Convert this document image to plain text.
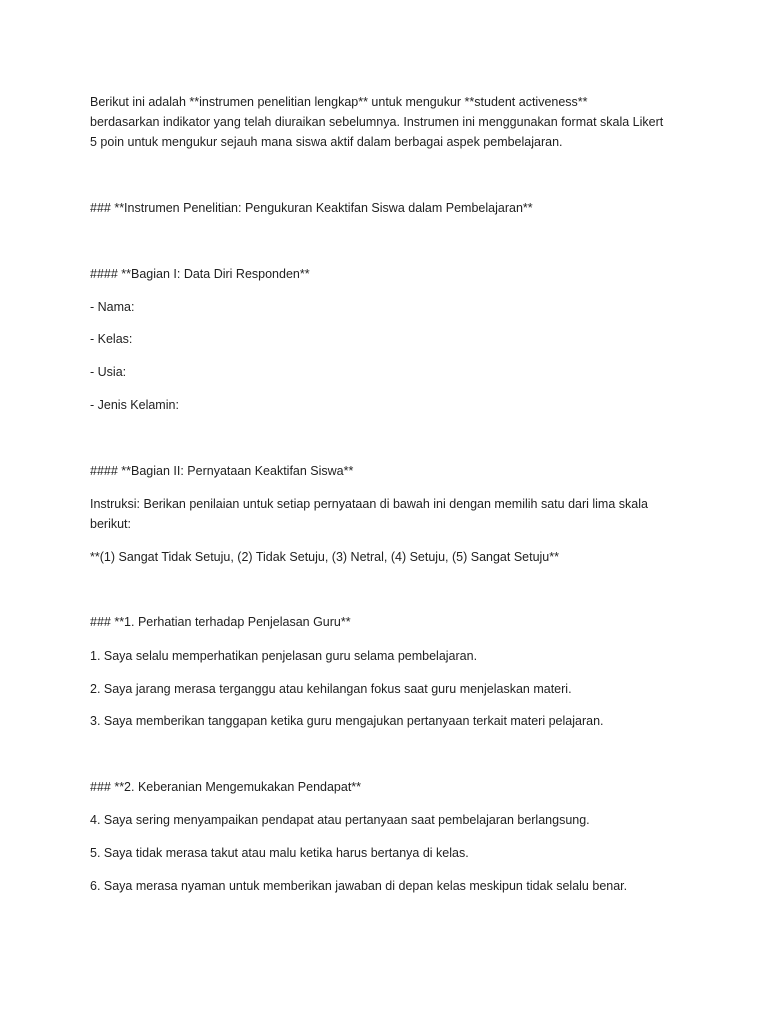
Berikut ini adalah **instrumen penelitian lengkap** untuk mengukur **student activeness**

berdasarkan indikator yang telah diuraikan sebelumnya. Instrumen ini menggunakan format skala Likert

5 poin untuk mengukur sejauh mana siswa aktif dalam berbagai aspek pembelajaran.

### **Instrumen Penelitian: Pengukuran Keaktifan Siswa dalam Pembelajaran**

#### **Bagian I: Data Diri Responden**

- Nama:

- Kelas:

- Usia:

- Jenis Kelamin:

#### **Bagian II: Pernyataan Keaktifan Siswa**

Instruksi: Berikan penilaian untuk setiap pernyataan di bawah ini dengan memilih satu dari lima skala

berikut:

**(1) Sangat Tidak Setuju, (2) Tidak Setuju, (3) Netral, (4) Setuju, (5) Sangat Setuju**

### **1. Perhatian terhadap Penjelasan Guru**

1. Saya selalu memperhatikan penjelasan guru selama pembelajaran.

2. Saya jarang merasa terganggu atau kehilangan fokus saat guru menjelaskan materi.

3. Saya memberikan tanggapan ketika guru mengajukan pertanyaan terkait materi pelajaran.

### **2. Keberanian Mengemukakan Pendapat**

4. Saya sering menyampaikan pendapat atau pertanyaan saat pembelajaran berlangsung.

5. Saya tidak merasa takut atau malu ketika harus bertanya di kelas.

6. Saya merasa nyaman untuk memberikan jawaban di depan kelas meskipun tidak selalu benar.
